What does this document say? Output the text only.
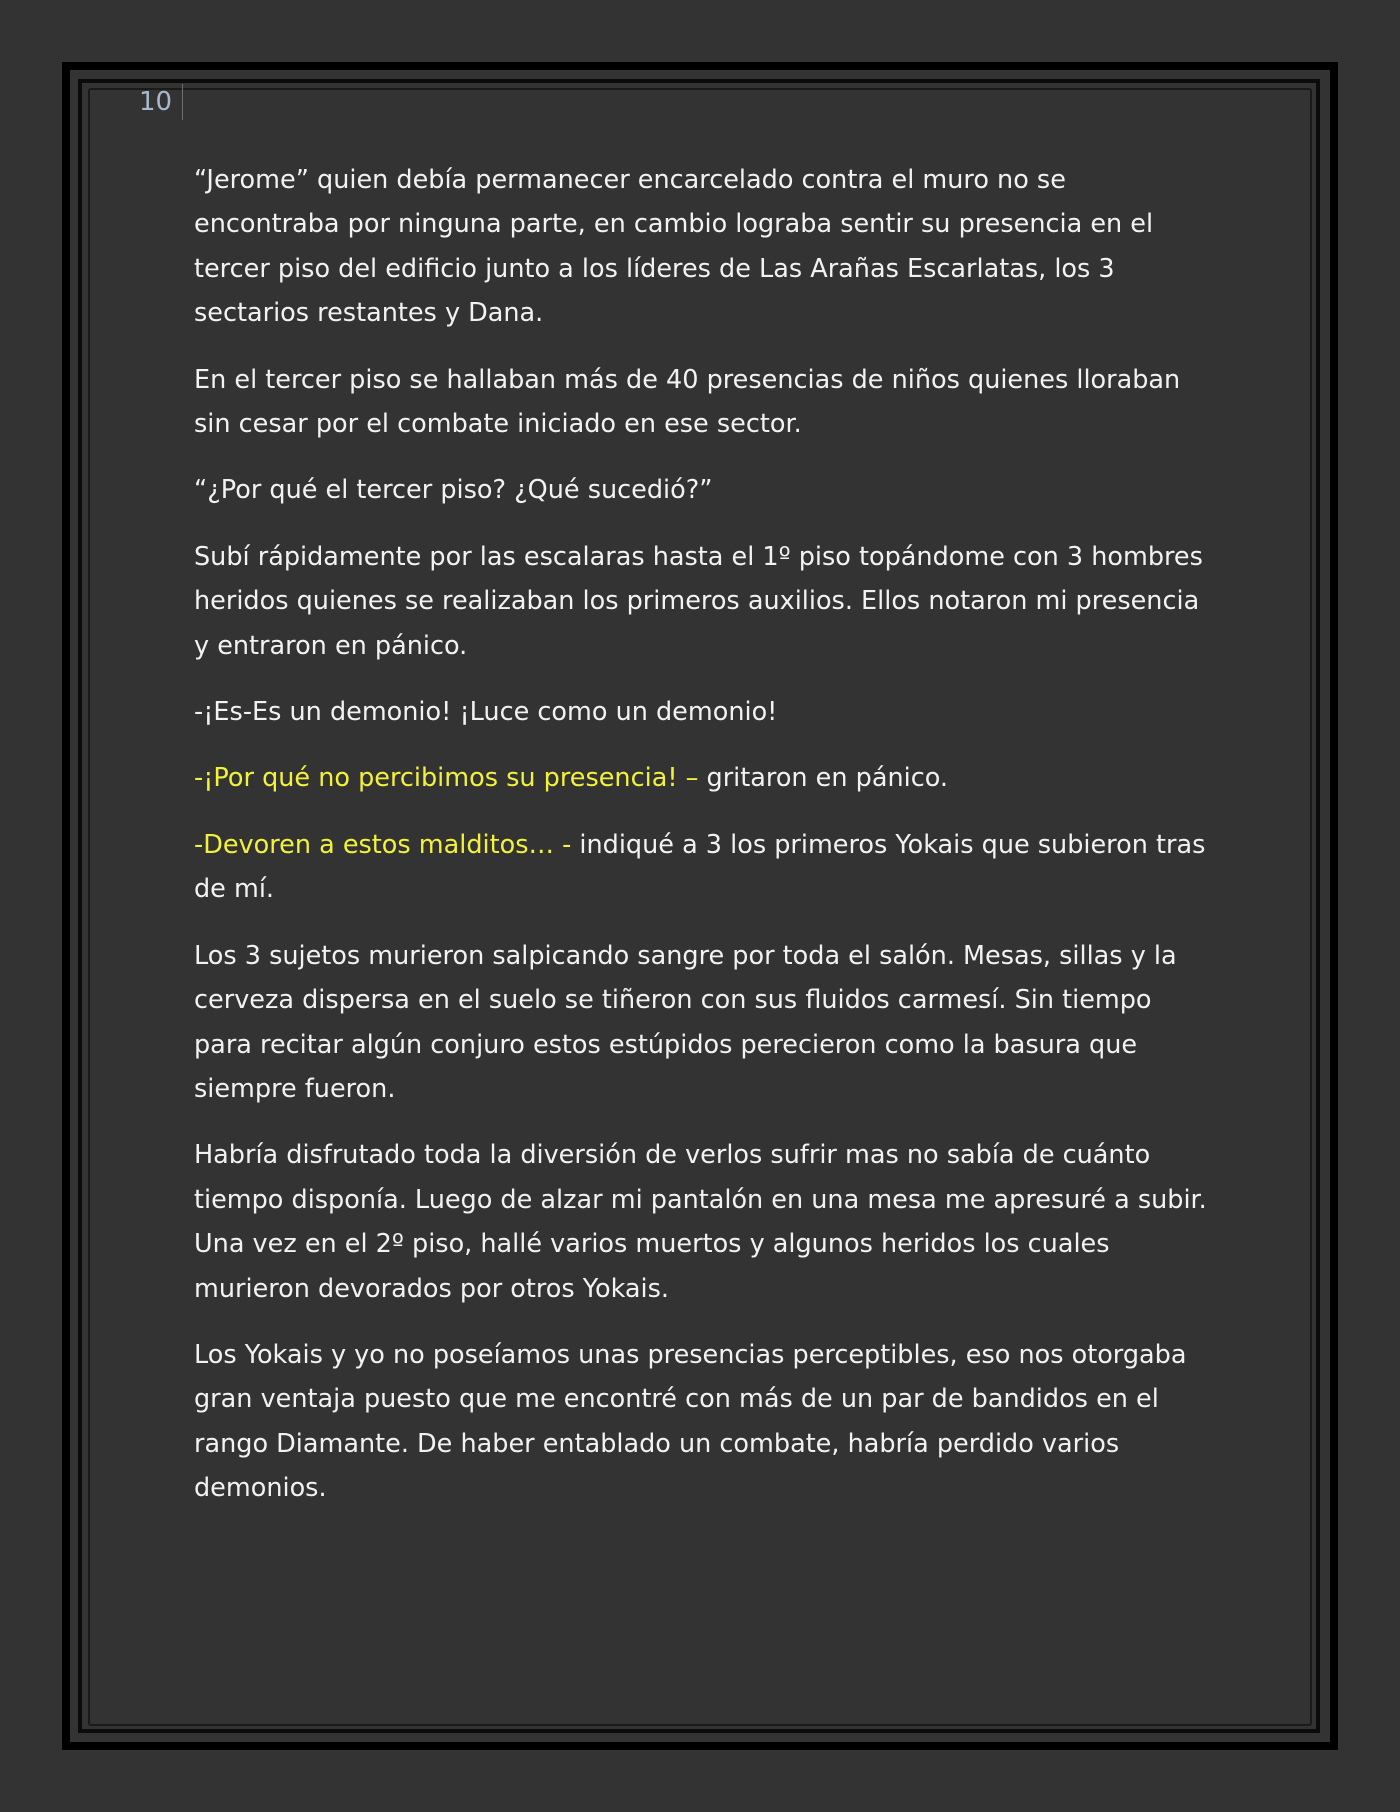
10

“Jerome” quien debía permanecer encarcelado contra el muro no se encontraba por ninguna parte, en cambio lograba sentir su presencia en el tercer piso del edificio junto a los líderes de Las Arañas Escarlatas, los 3 sectarios restantes y Dana.

En el tercer piso se hallaban más de 40 presencias de niños quienes lloraban sin cesar por el combate iniciado en ese sector.

“¿Por qué el tercer piso? ¿Qué sucedió?”

Subí rápidamente por las escalaras hasta el 1º piso topándome con 3 hombres heridos quienes se realizaban los primeros auxilios. Ellos notaron mi presencia y entraron en pánico.

-¡Es-Es un demonio! ¡Luce como un demonio!

-¡Por qué no percibimos su presencia! – gritaron en pánico.

-Devoren a estos malditos… - indiqué a 3 los primeros Yokais que subieron tras de mí.

Los 3 sujetos murieron salpicando sangre por toda el salón. Mesas, sillas y la cerveza dispersa en el suelo se tiñeron con sus fluidos carmesí. Sin tiempo para recitar algún conjuro estos estúpidos perecieron como la basura que siempre fueron.

Habría disfrutado toda la diversión de verlos sufrir mas no sabía de cuánto tiempo disponía. Luego de alzar mi pantalón en una mesa me apresuré a subir. Una vez en el 2º piso, hallé varios muertos y algunos heridos los cuales murieron devorados por otros Yokais.

Los Yokais y yo no poseíamos unas presencias perceptibles, eso nos otorgaba gran ventaja puesto que me encontré con más de un par de bandidos en el rango Diamante. De haber entablado un combate, habría perdido varios demonios.
